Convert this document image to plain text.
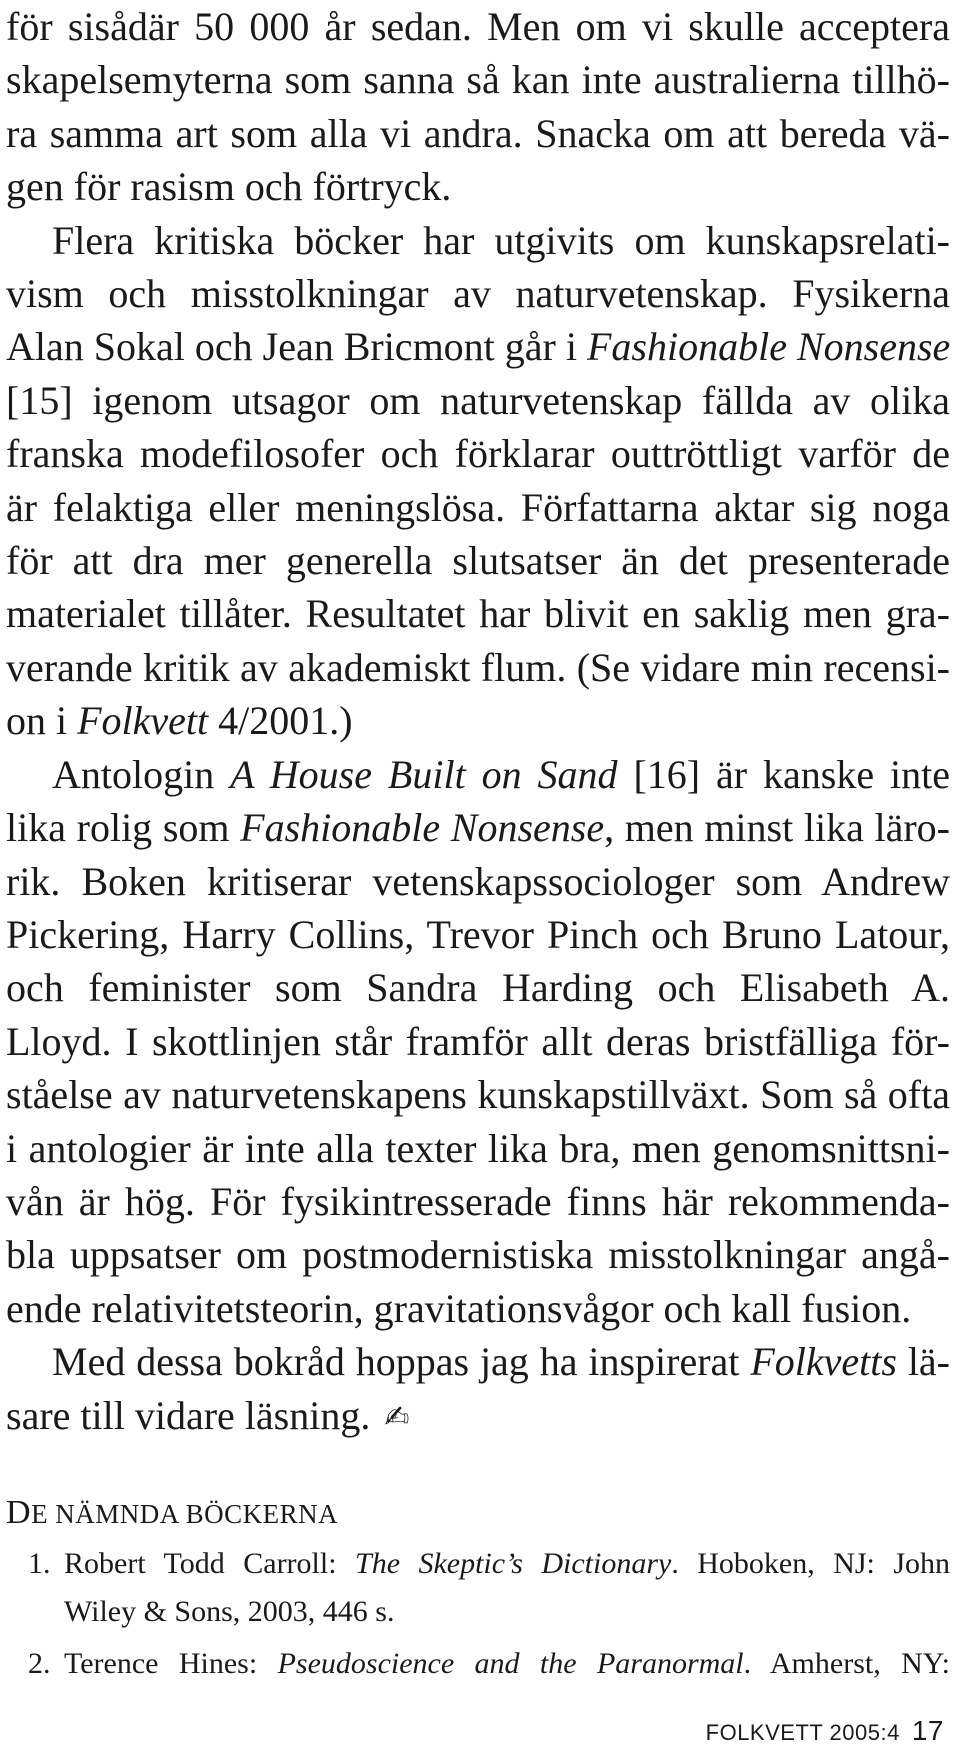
för sisådär 50 000 år sedan. Men om vi skulle acceptera
skapelsemyterna som sanna så kan inte australierna tillhö-
ra samma art som alla vi andra. Snacka om att bereda vä-
gen för rasism och förtryck.

Flera kritiska böcker har utgivits om kunskapsrelati-
vism och misstolkningar av naturvetenskap. Fysikerna
Alan Sokal och Jean Bricmont går i Fashionable Nonsense
[15] igenom utsagor om naturvetenskap fällda av olika
franska modefilosofer och förklarar outtröttligt varför de
är felaktiga eller meningslösa. Författarna aktar sig noga
för att dra mer generella slutsatser än det presenterade
materialet tillåter. Resultatet har blivit en saklig men gra-
verande kritik av akademiskt flum. (Se vidare min recensi-
on i Folkvett 4/2001.)

Antologin A House Built on Sand [16] är kanske inte
lika rolig som Fashionable Nonsense, men minst lika läro-
rik. Boken kritiserar vetenskapssociologer som Andrew
Pickering, Harry Collins, Trevor Pinch och Bruno Latour,
och feminister som Sandra Harding och Elisabeth A.
Lloyd. I skottlinjen står framför allt deras bristfälliga för-
ståelse av naturvetenskapens kunskapstillväxt. Som så ofta
i antologier är inte alla texter lika bra, men genomsnittsni-
vån är hög. För fysikintresserade finns här rekommenda-
bla uppsatser om postmodernistiska misstolkningar angå-
ende relativitetsteorin, gravitationsvågor och kall fusion.

Med dessa bokråd hoppas jag ha inspirerat Folkvetts lä-
sare till vidare läsning. ✍

DE NÄMNDA BÖCKERNA
1. Robert Todd Carroll: The Skeptic’s Dictionary. Hoboken, NJ: John
Wiley & Sons, 2003, 446 s.
2. Terence Hines: Pseudoscience and the Paranormal. Amherst, NY:
FOLKVETT 2005:4 17
